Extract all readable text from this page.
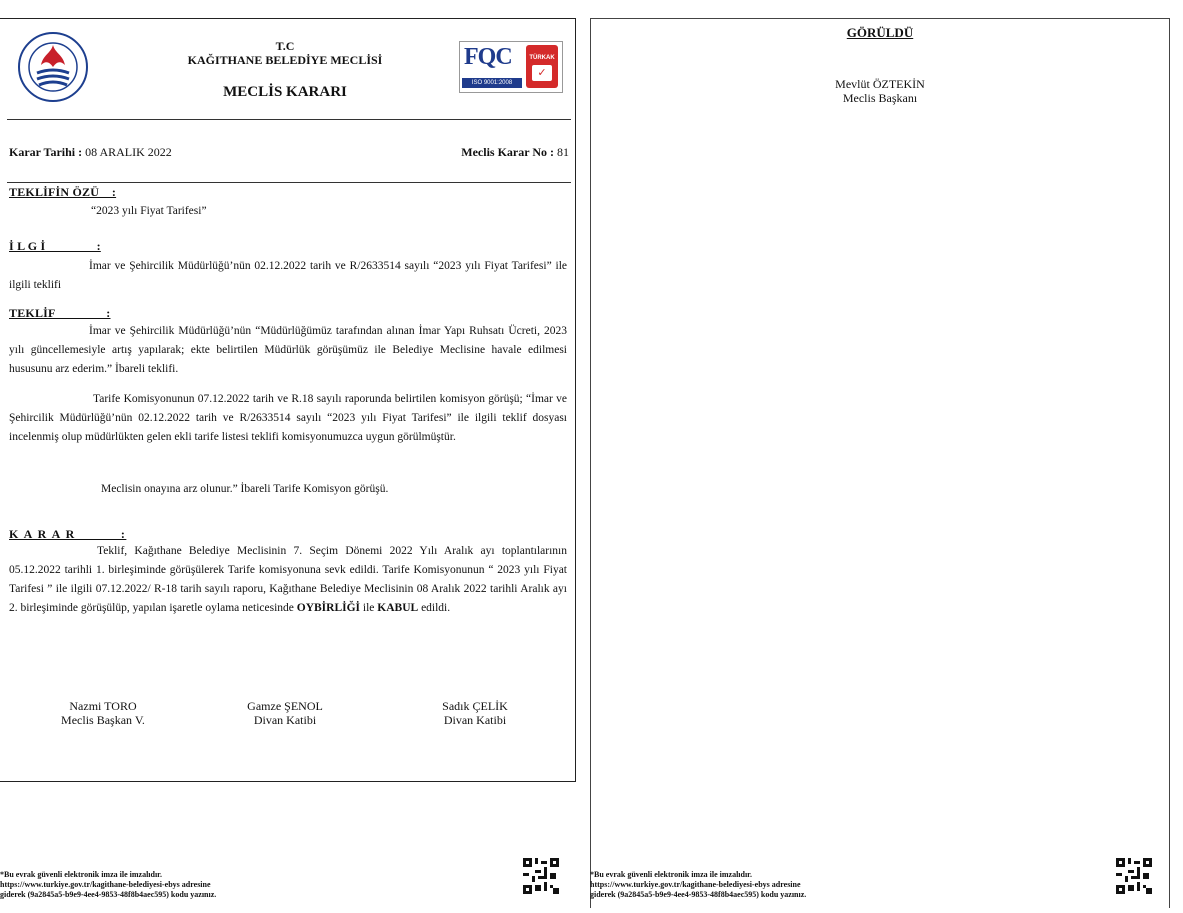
T.C
KAĞITHANE BELEDİYE MECLİSİ
MECLİS KARARI
FQC
ISO 9001:2008
TÜRKAK
✓
Karar Tarihi : 08 ARALIK 2022	Meclis Karar No : 81
TEKLİFİN ÖZÜ    :
“2023 yılı Fiyat Tarifesi”
İ L G İ                :
İmar ve Şehircilik Müdürlüğü’nün 02.12.2022 tarih ve R/2633514 sayılı “2023 yılı Fiyat Tarifesi” ile ilgili teklifi
TEKLİF                :
İmar ve Şehircilik Müdürlüğü’nün “Müdürlüğümüz tarafından alınan İmar Yapı Ruhsatı Ücreti, 2023 yılı güncellemesiyle artış yapılarak; ekte belirtilen Müdürlük görüşümüz ile Belediye Meclisine havale edilmesi hususunu arz ederim.” İbareli teklifi.
Tarife Komisyonunun 07.12.2022 tarih ve R.18 sayılı raporunda belirtilen komisyon görüşü; “İmar ve Şehircilik Müdürlüğü’nün 02.12.2022 tarih ve R/2633514 sayılı “2023 yılı Fiyat Tarifesi” ile ilgili teklif dosyası incelenmiş olup müdürlükten gelen ekli tarife listesi teklifi komisyonumuzca uygun görülmüştür.
Meclisin onayına arz olunur.” İbareli Tarife Komisyon görüşü.
K A R A R          :
Teklif, Kağıthane Belediye Meclisinin 7. Seçim Dönemi 2022 Yılı Aralık ayı toplantılarının 05.12.2022 tarihli 1. birleşiminde görüşülerek Tarife komisyonuna sevk edildi. Tarife Komisyonunun “ 2023 yılı Fiyat Tarifesi ” ile ilgili 07.12.2022/ R-18 tarih sayılı raporu, Kağıthane Belediye Meclisinin 08 Aralık 2022 tarihli Aralık ayı 2. birleşiminde görüşülüp, yapılan işaretle oylama neticesinde OYBİRLİĞİ ile KABUL edildi.
Nazmi TORO
Meclis Başkan V.
Gamze ŞENOL
Divan Katibi
Sadık ÇELİK
Divan Katibi
*Bu evrak güvenli elektronik imza ile imzalıdır.
https://www.turkiye.gov.tr/kagithane-belediyesi-ebys adresine
giderek (9a2845a5-b9e9-4ee4-9853-48f8b4aec595) kodu yazınız.
GÖRÜLDÜ
Mevlüt ÖZTEKİN
Meclis Başkanı
*Bu evrak güvenli elektronik imza ile imzalıdır.
https://www.turkiye.gov.tr/kagithane-belediyesi-ebys adresine
giderek (9a2845a5-b9e9-4ee4-9853-48f8b4aec595) kodu yazınız.
